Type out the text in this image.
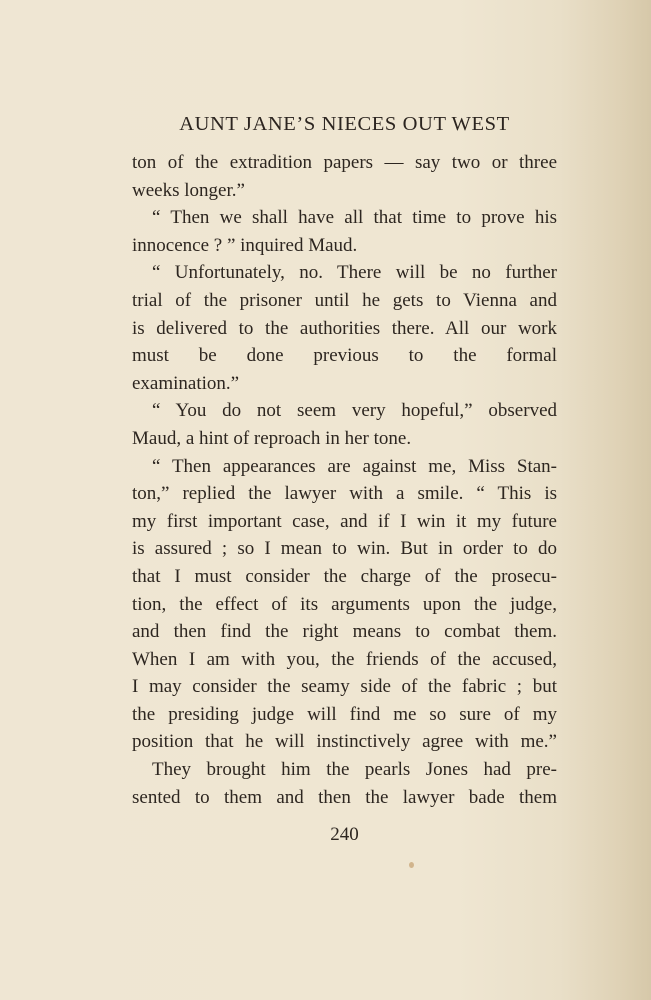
AUNT JANE’S NIECES OUT WEST
ton of the extradition papers — say two or three
weeks longer.”
“ Then we shall have all that time to prove his
innocence ? ” inquired Maud.
“ Unfortunately, no. There will be no further
trial of the prisoner until he gets to Vienna and
is delivered to the authorities there. All our work
must be done previous to the formal
examination.”
“ You do not seem very hopeful,” observed
Maud, a hint of reproach in her tone.
“ Then appearances are against me, Miss Stan-
ton,” replied the lawyer with a smile. “ This is
my first important case, and if I win it my future
is assured ; so I mean to win. But in order to do
that I must consider the charge of the prosecu-
tion, the effect of its arguments upon the judge,
and then find the right means to combat them.
When I am with you, the friends of the accused,
I may consider the seamy side of the fabric ; but
the presiding judge will find me so sure of my
position that he will instinctively agree with me.”
They brought him the pearls Jones had pre-
sented to them and then the lawyer bade them
240
